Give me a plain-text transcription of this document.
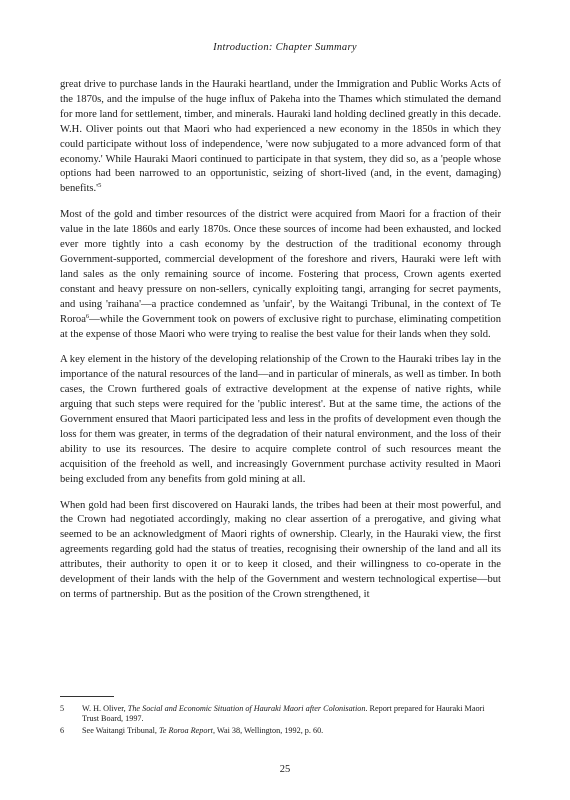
Introduction: Chapter Summary

great drive to purchase lands in the Hauraki heartland, under the Immigration and Public Works Acts of the 1870s, and the impulse of the huge influx of Pakeha into the Thames which stimulated the demand for more land for settlement, timber, and minerals. Hauraki land holding declined greatly in this decade. W.H. Oliver points out that Maori who had experienced a new economy in the 1850s in which they could participate without loss of independence, 'were now subjugated to a more advanced form of that economy.' While Hauraki Maori continued to participate in that system, they did so, as a 'people whose options had been narrowed to an opportunistic, seizing of short-lived (and, in the event, damaging) $benefits.'^5$

Most of the gold and timber resources of the district were acquired from Maori for a fraction of their value in the late 1860s and early 1870s. Once these sources of income had been exhausted, and locked ever more tightly into a cash economy by the destruction of the traditional economy through Government-supported, commercial development of the foreshore and rivers, Hauraki were left with land sales as the only remaining source of income. Fostering that process, Crown agents exerted constant and heavy pressure on non-sellers, cynically exploiting tangi, arranging for secret payments, and using 'raihana'—a practice condemned as 'unfair', by the Waitangi Tribunal, in the context of Te Roroa$^6$—while the Government took on powers of exclusive right to purchase, eliminating competition at the expense of those Maori who were trying to realise the best value for their lands when they sold.

A key element in the history of the developing relationship of the Crown to the Hauraki tribes lay in the importance of the natural resources of the land—and in particular of minerals, as well as timber. In both cases, the Crown furthered goals of extractive development at the expense of native rights, while arguing that such steps were required for the 'public interest'. But at the same time, the actions of the Government ensured that Maori participated less and less in the profits of development even though the loss for them was greater, in terms of the degradation of their natural environment, and the loss of their ability to use its resources. The desire to acquire complete control of such resources meant the acquisition of the freehold as well, and increasingly Government purchase activity resulted in Maori being excluded from any benefits from gold mining at all.

When gold had been first discovered on Hauraki lands, the tribes had been at their most powerful, and the Crown had negotiated accordingly, making no clear assertion of a prerogative, and giving what seemed to be an acknowledgment of Maori rights of ownership. Clearly, in the Hauraki view, the first agreements regarding gold had the status of treaties, recognising their ownership of the land and all its attributes, their authority to open it or to keep it closed, and their willingness to co-operate in the development of their lands with the help of the Government and western technological expertise—but on terms of partnership. But as the position of the Crown strengthened, it

5	W. H. Oliver, The Social and Economic Situation of Hauraki Maori after Colonisation. Report prepared for Hauraki Maori Trust Board, 1997.
6	See Waitangi Tribunal, Te Roroa Report, Wai 38, Wellington, 1992, p. 60.
25
